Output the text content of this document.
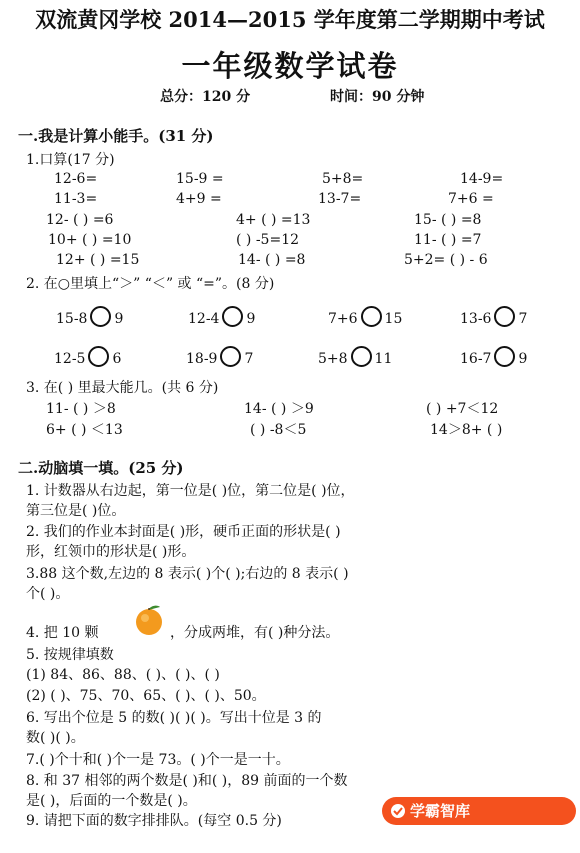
双流黄冈学校 2014—2015 学年度第二学期期中考试
一年级数学试卷
总分：120 分	时间：90 分钟
一.我是计算小能手。(31 分)
1.口算(17 分)
12-6=	15-9 =	5+8=	14-9=
11-3=	4+9 =	13-7=	7+6 =
12- ( ) =6	4+ ( ) =13	15- ( ) =8
10+ ( ) =10	( ) -5=12	11- ( ) =7
12+ ( ) =15	14- ( ) =8	5+2= ( ) - 6
2. 在○里填上“＞” “＜” 或 “=”。(8 分)
15-8 9	12-4 9	7+6 15	13-6 7
12-5 6	18-9 7	5+8 11	16-7 9
3. 在( ) 里最大能几。(共 6 分)
11- ( ) ＞8	14- ( ) ＞9	( ) +7＜12
6+ ( ) ＜13	( ) -8＜5	14＞8+ ( )
二.动脑填一填。(25 分)
1. 计数器从右边起，第一位是( )位，第二位是( )位，
第三位是( )位。
2. 我们的作业本封面是( )形，硬币正面的形状是( )
形，红领巾的形状是( )形。
3.88 这个数,左边的 8 表示( )个( );右边的 8 表示( )
个( )。
4. 把 10 颗	，分成两堆，有( )种分法。
5. 按规律填数
(1) 84、86、88、( )、( )、( )
(2) ( )、75、70、65、( )、( )、50。
6. 写出个位是 5 的数( )( )( )。写出十位是 3 的
数( )( )。
7.( )个十和( )个一是 73。( )个一是一十。
8. 和 37 相邻的两个数是( )和( )，89 前面的一个数
是( )，后面的一个数是( )。
9. 请把下面的数字排排队。(每空 0.5 分)
学霸智库 zhiku66.com
